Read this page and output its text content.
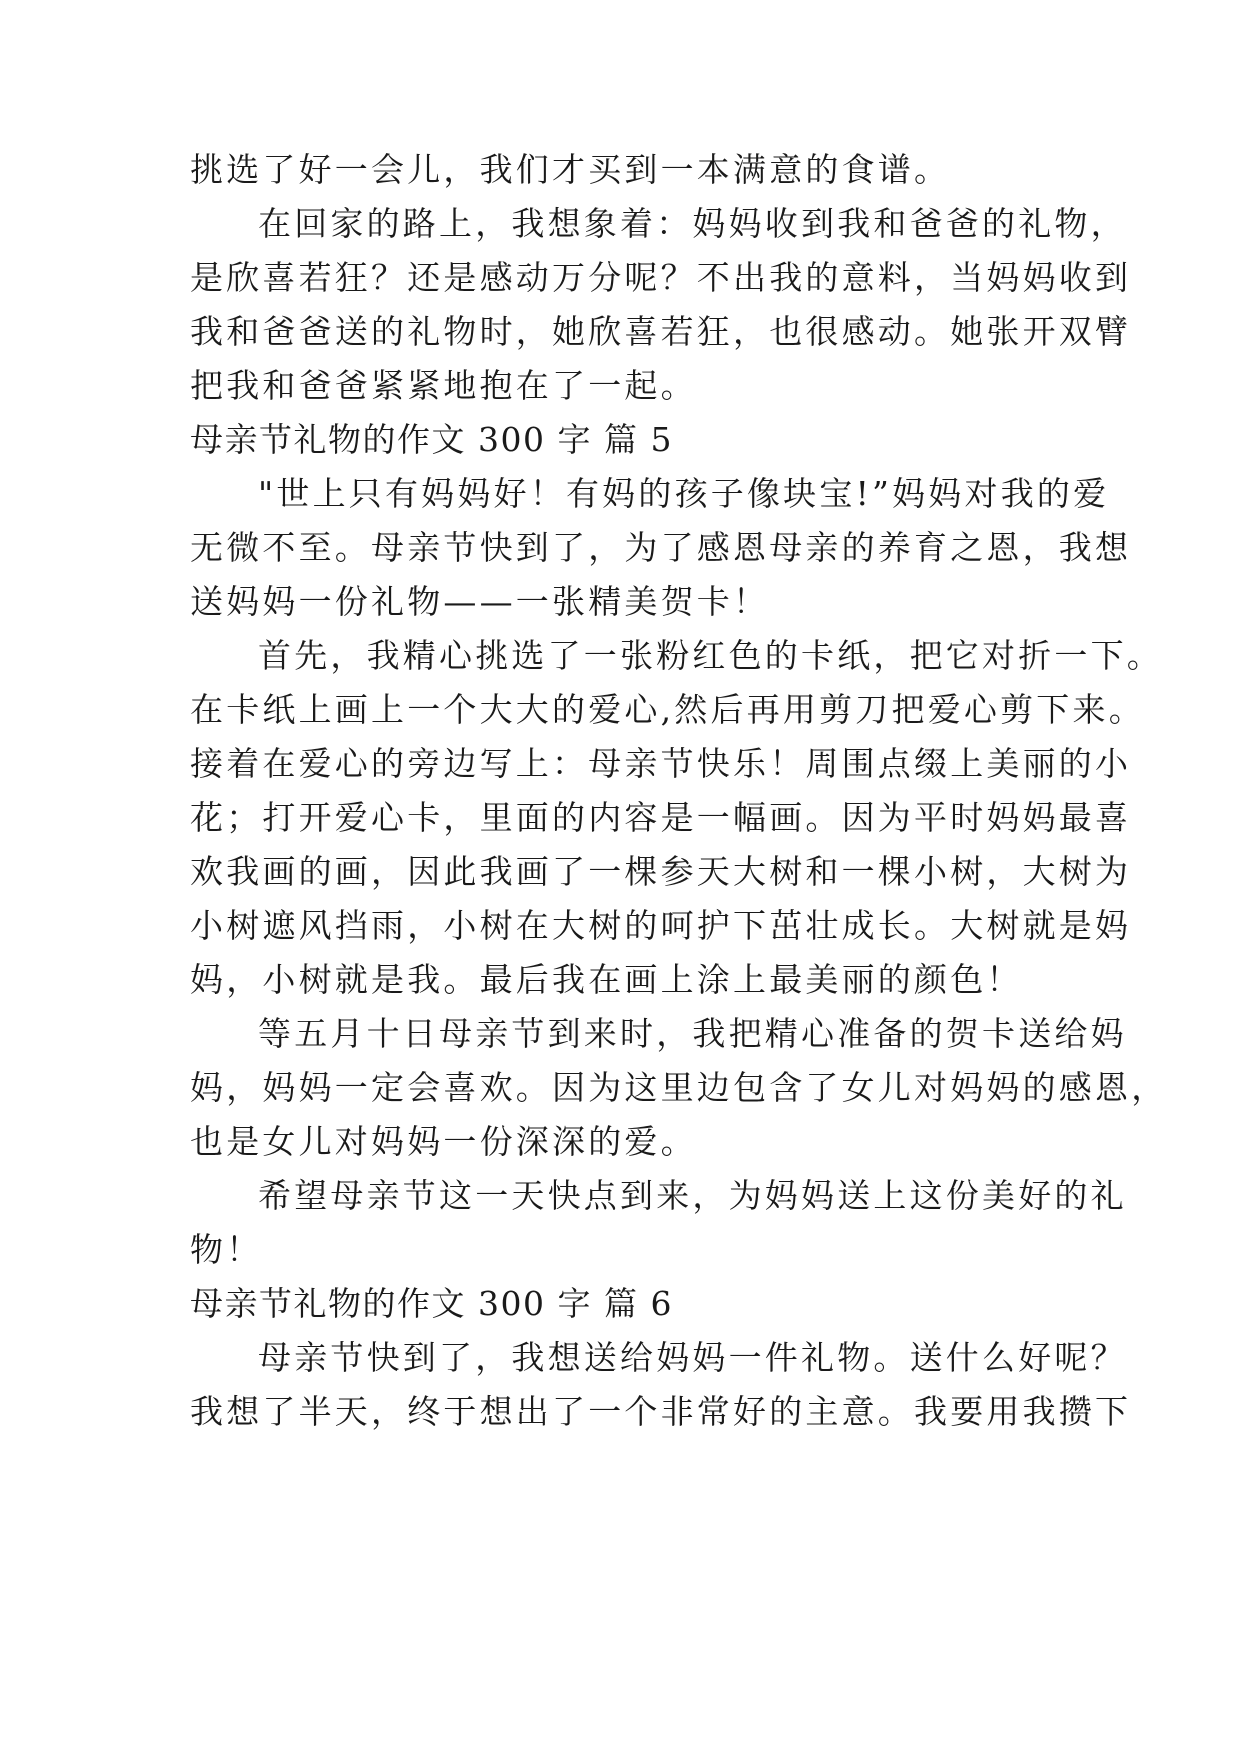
挑选了好一会儿，我们才买到一本满意的食谱。
在回家的路上，我想象着：妈妈收到我和爸爸的礼物，
是欣喜若狂？还是感动万分呢？不出我的意料，当妈妈收到
我和爸爸送的礼物时，她欣喜若狂，也很感动。她张开双臂
把我和爸爸紧紧地抱在了一起。
母亲节礼物的作文 300 字 篇 5
"世上只有妈妈好！有妈的孩子像块宝!”妈妈对我的爱
无微不至。母亲节快到了，为了感恩母亲的养育之恩，我想
送妈妈一份礼物——一张精美贺卡！
首先，我精心挑选了一张粉红色的卡纸，把它对折一下。
在卡纸上画上一个大大的爱心,然后再用剪刀把爱心剪下来。
接着在爱心的旁边写上：母亲节快乐！周围点缀上美丽的小
花；打开爱心卡，里面的内容是一幅画。因为平时妈妈最喜
欢我画的画，因此我画了一棵参天大树和一棵小树，大树为
小树遮风挡雨，小树在大树的呵护下茁壮成长。大树就是妈
妈，小树就是我。最后我在画上涂上最美丽的颜色！
等五月十日母亲节到来时，我把精心准备的贺卡送给妈
妈，妈妈一定会喜欢。因为这里边包含了女儿对妈妈的感恩，
也是女儿对妈妈一份深深的爱。
希望母亲节这一天快点到来，为妈妈送上这份美好的礼
物！
母亲节礼物的作文 300 字 篇 6
母亲节快到了，我想送给妈妈一件礼物。送什么好呢？
我想了半天，终于想出了一个非常好的主意。我要用我攒下
